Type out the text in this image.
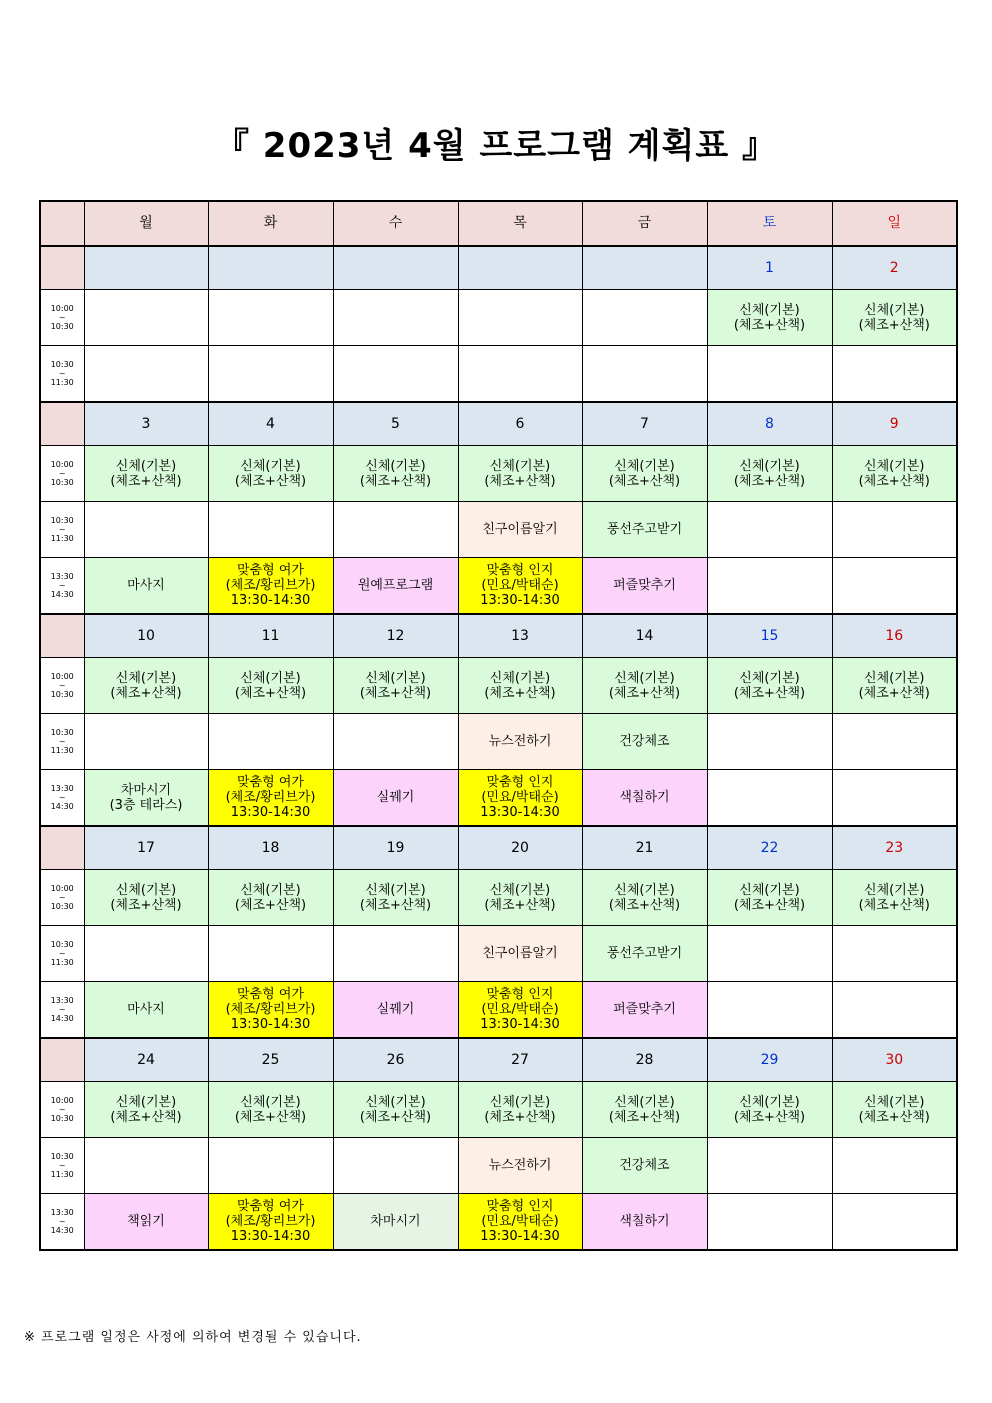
『 2023년 4월 프로그램 계획표 』
	월	화	수	목	금	토	일
						1	2
10:00
~
10:30						신체(기본)
(체조+산책)	신체(기본)
(체조+산책)
10:30
~
11:30							
	3	4	5	6	7	8	9
10:00
~
10:30	신체(기본)
(체조+산책)	신체(기본)
(체조+산책)	신체(기본)
(체조+산책)	신체(기본)
(체조+산책)	신체(기본)
(체조+산책)	신체(기본)
(체조+산책)	신체(기본)
(체조+산책)
10:30
~
11:30				친구이름알기	풍선주고받기		
13:30
~
14:30	마사지	맞춤형 여가
(체조/황리브가)
13:30-14:30	원예프로그램	맞춤형 인지
(민요/박태순)
13:30-14:30	퍼즐맞추기		
	10	11	12	13	14	15	16
10:00
~
10:30	신체(기본)
(체조+산책)	신체(기본)
(체조+산책)	신체(기본)
(체조+산책)	신체(기본)
(체조+산책)	신체(기본)
(체조+산책)	신체(기본)
(체조+산책)	신체(기본)
(체조+산책)
10:30
~
11:30				뉴스전하기	건강체조		
13:30
~
14:30	차마시기
(3층 테라스)	맞춤형 여가
(체조/황리브가)
13:30-14:30	실꿰기	맞춤형 인지
(민요/박태순)
13:30-14:30	색칠하기		
	17	18	19	20	21	22	23
10:00
~
10:30	신체(기본)
(체조+산책)	신체(기본)
(체조+산책)	신체(기본)
(체조+산책)	신체(기본)
(체조+산책)	신체(기본)
(체조+산책)	신체(기본)
(체조+산책)	신체(기본)
(체조+산책)
10:30
~
11:30				친구이름알기	풍선주고받기		
13:30
~
14:30	마사지	맞춤형 여가
(체조/황리브가)
13:30-14:30	실꿰기	맞춤형 인지
(민요/박태순)
13:30-14:30	퍼즐맞추기		
	24	25	26	27	28	29	30
10:00
~
10:30	신체(기본)
(체조+산책)	신체(기본)
(체조+산책)	신체(기본)
(체조+산책)	신체(기본)
(체조+산책)	신체(기본)
(체조+산책)	신체(기본)
(체조+산책)	신체(기본)
(체조+산책)
10:30
~
11:30				뉴스전하기	건강체조		
13:30
~
14:30	책읽기	맞춤형 여가
(체조/황리브가)
13:30-14:30	차마시기	맞춤형 인지
(민요/박태순)
13:30-14:30	색칠하기		
※ 프로그램 일정은 사정에 의하여 변경될 수 있습니다.
